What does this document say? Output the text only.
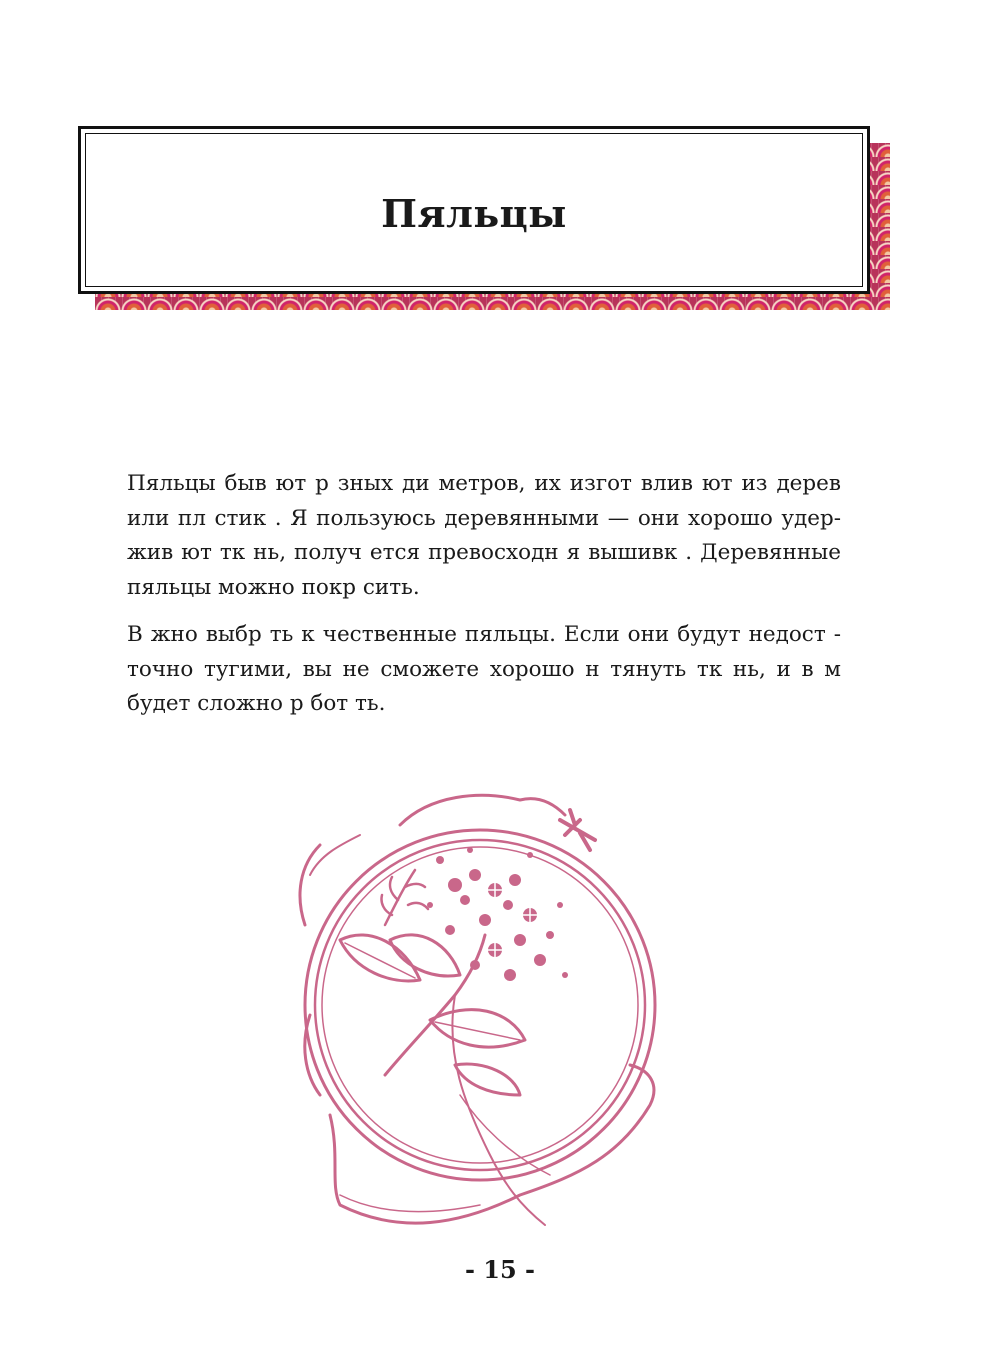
Пяльцы

Пяльцы быв ют р зных ди метров, их изгот влив ют из дерев или пл стик . Я пользуюсь деревянными — они хорошо удержив ют тк нь, получ ется превосходн я вышивк . Деревянные пяльцы можно покр сить.

В жно выбр ть к чественные пяльцы. Если они будут недост точно тугими, вы не сможете хорошо н тянуть тк нь, и в м будет сложно р бот ть.

- 15 -
